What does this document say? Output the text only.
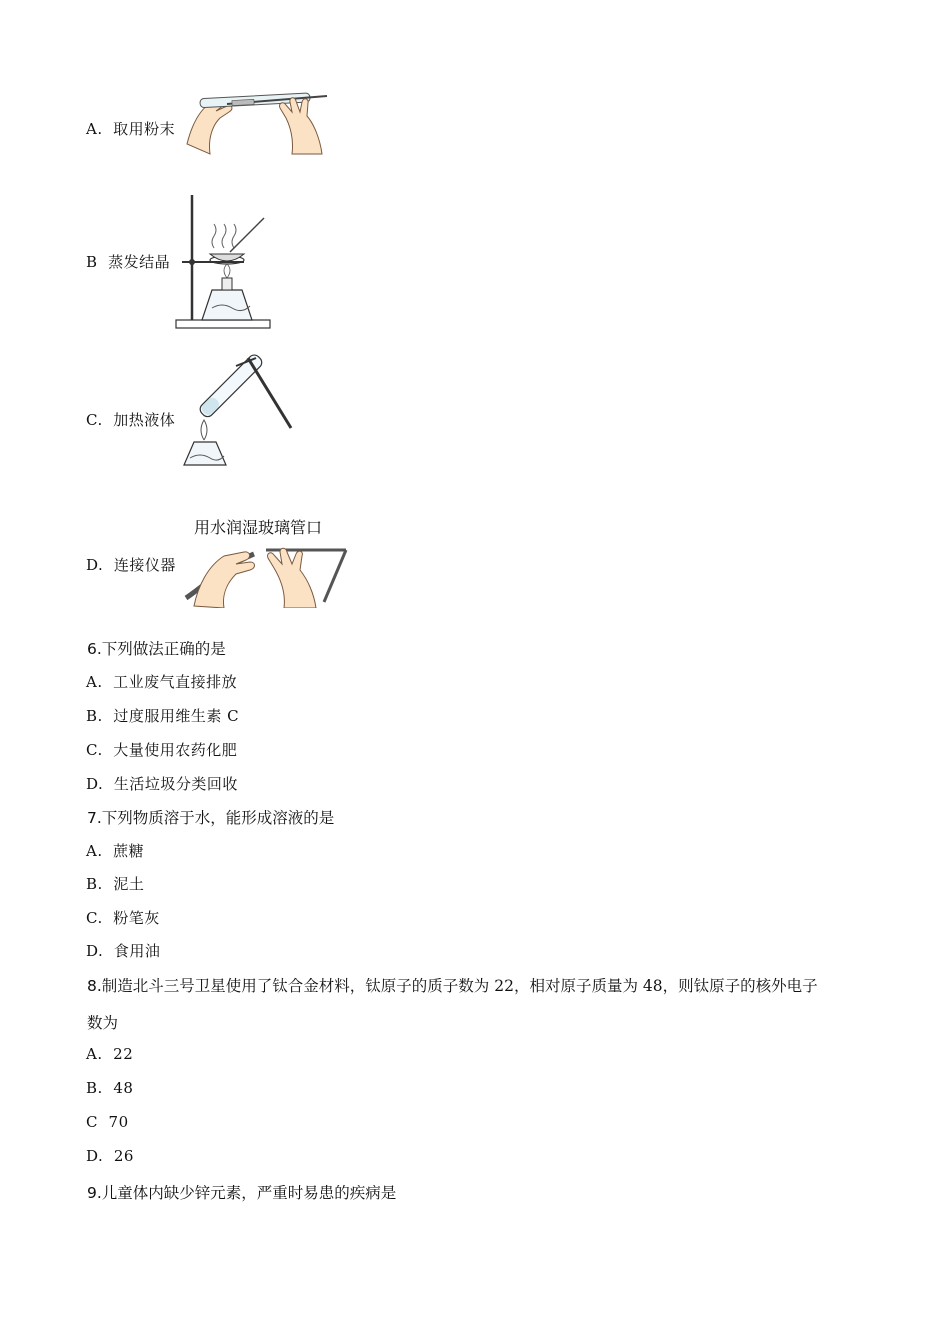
A. 取用粉末
B 蒸发结晶
C. 加热液体
用水润湿玻璃管口
D. 连接仪器
6.下列做法正确的是
A. 工业废气直接排放
B. 过度服用维生素 C
C. 大量使用农药化肥
D. 生活垃圾分类回收
7.下列物质溶于水，能形成溶液的是
A. 蔗糖
B. 泥土
C. 粉笔灰
D. 食用油
8.制造北斗三号卫星使用了钛合金材料，钛原子的质子数为 22，相对原子质量为 48，则钛原子的核外电子
数为
A. 22
B. 48
C 70
D. 26
9.儿童体内缺少锌元素，严重时易患的疾病是
